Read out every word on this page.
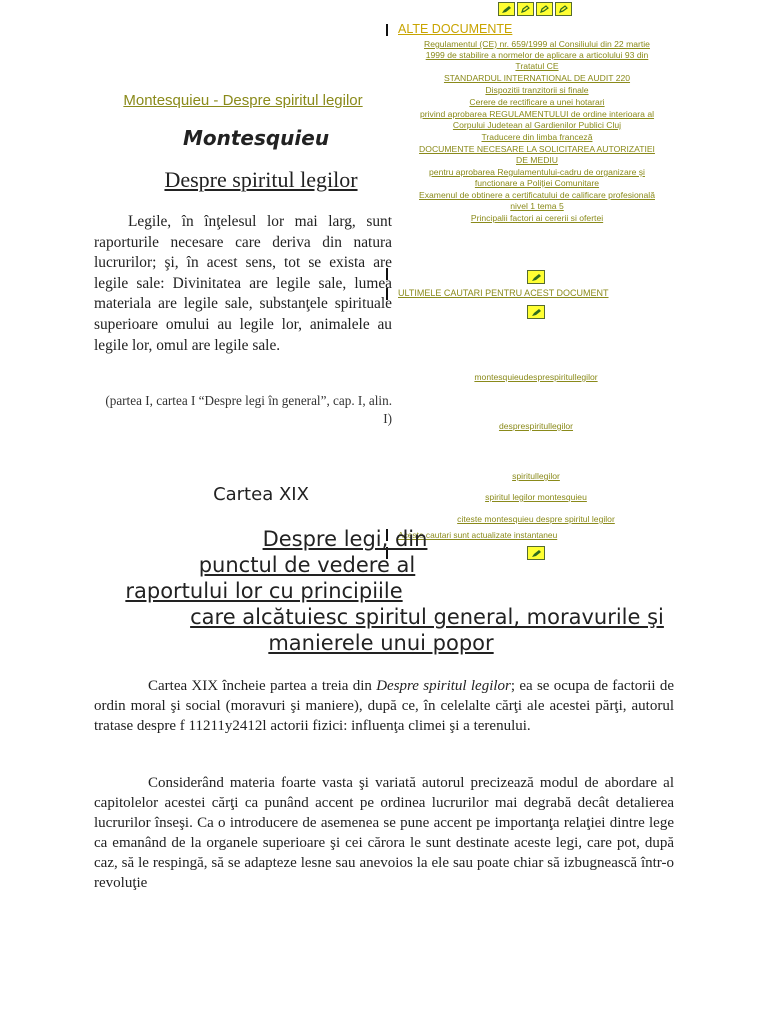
ALTE DOCUMENTE
Regulamentul (CE) nr. 659/1999 al Consiliului din 22 martie 1999 de stabilire a normelor de aplicare a articolului 93 din Tratatul CE
STANDARDUL INTERNATIONAL DE AUDIT 220
Dispozitii tranzitorii si finale
Cerere de rectificare a unei hotarari
privind aprobarea REGULAMENTULUI de ordine interioara al Corpului Judetean al Gardienilor Publici Cluj
Traducere din limba franceză
DOCUMENTE NECESARE LA SOLICITAREA AUTORIZATIEI DE MEDIU
pentru aprobarea Regulamentului-cadru de organizare şi functionare a Poliţiei Comunitare
Examenul de obtinere a certificatului de calificare profesională nivel 1 tema 5
Principalii factori ai cererii si ofertei
ULTIMELE CAUTARI PENTRU ACEST DOCUMENT
montesquieudesprespiritullegilor
desprespiritullegilor
spiritullegilor
spiritul legilor montesquieu
citeste montesquieu despre spiritul legilor
Aceste cautari sunt actualizate instantaneu
Montesquieu - Despre spiritul legilor
Montesquieu
Despre spiritul legilor
Legile, în înţelesul lor mai larg, sunt raporturile necesare care deriva din natura lucrurilor; şi, în acest sens, tot se exista are legile sale: Divinitatea are legile sale, lumea materiala are legile sale, substanţele spirituale superioare omului au legile lor, animalele au legile lor, omul are legile sale.
(partea I, cartea I “Despre legi în general”, cap. I, alin. I)
Cartea XIX
Despre legi, din
punctul de vedere al
raportului lor cu principiile
care alcătuiesc spiritul general, moravurile şi
manierele unui popor
Cartea XIX încheie partea a treia din Despre spiritul legilor; ea se ocupa de factorii de ordin moral şi social (moravuri şi maniere), după ce, în celelalte cărţi ale acestei părţi, autorul tratase despre f 11211y2412l actorii fizici: influenţa climei şi a terenului.
Considerând materia foarte vasta şi variată autorul precizează modul de abordare al capitolelor acestei cărţi ca punând accent pe ordinea lucrurilor mai degrabă decât detalierea lucrurilor înseşi. Ca o introducere de asemenea se pune accent pe importanţa relaţiei dintre lege ca emanând de la organele superioare şi cei cărora le sunt destinate aceste legi, care pot, după caz, să le respingă, să se adapteze lesne sau anevoios la ele sau poate chiar să izbugnească într-o revoluţie
